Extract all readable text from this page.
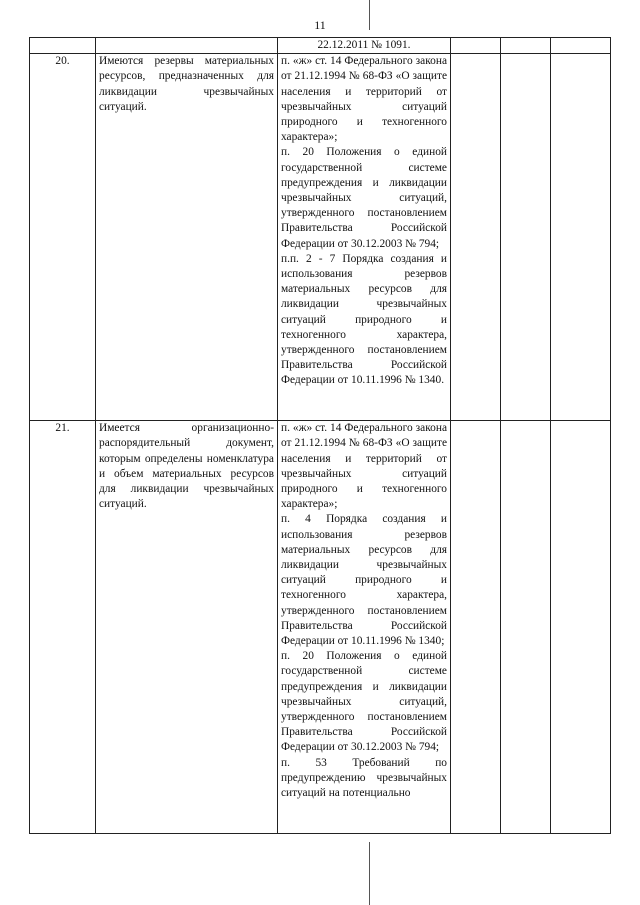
11
		22.12.2011 № 1091.			
20.	Имеются резервы материальных ресурсов, предназначенных для ликвидации чрезвычайных ситуаций.	п. «ж» ст. 14 Федерального закона от 21.12.1994 № 68-ФЗ «О защите населения и территорий от чрезвычайных ситуаций природного и техногенного характера»;

п. 20 Положения о единой государственной системе предупреждения и ликвидации чрезвычайных ситуаций, утвержденного постановлением Правительства Российской Федерации от 30.12.2003 № 794;

п.п. 2 - 7 Порядка создания и использования резервов материальных ресурсов для ликвидации чрезвычайных ситуаций природного и техногенного характера, утвержденного постановлением Правительства Российской Федерации от 10.11.1996 № 1340.			

21.	Имеется организационно-распорядительный документ, которым определены номенклатура и объем материальных ресурсов для ликвидации чрезвычайных ситуаций.	п. «ж» ст. 14 Федерального закона от 21.12.1994 № 68-ФЗ «О защите населения и территорий от чрезвычайных ситуаций природного и техногенного характера»;

п. 4 Порядка создания и использования резервов материальных ресурсов для ликвидации чрезвычайных ситуаций природного и техногенного характера, утвержденного постановлением Правительства Российской Федерации от 10.11.1996 № 1340;

п. 20 Положения о единой государственной системе предупреждения и ликвидации чрезвычайных ситуаций, утвержденного постановлением Правительства Российской Федерации от 30.12.2003 № 794;

п. 53 Требований по предупреждению чрезвычайных ситуаций на потенциально			
